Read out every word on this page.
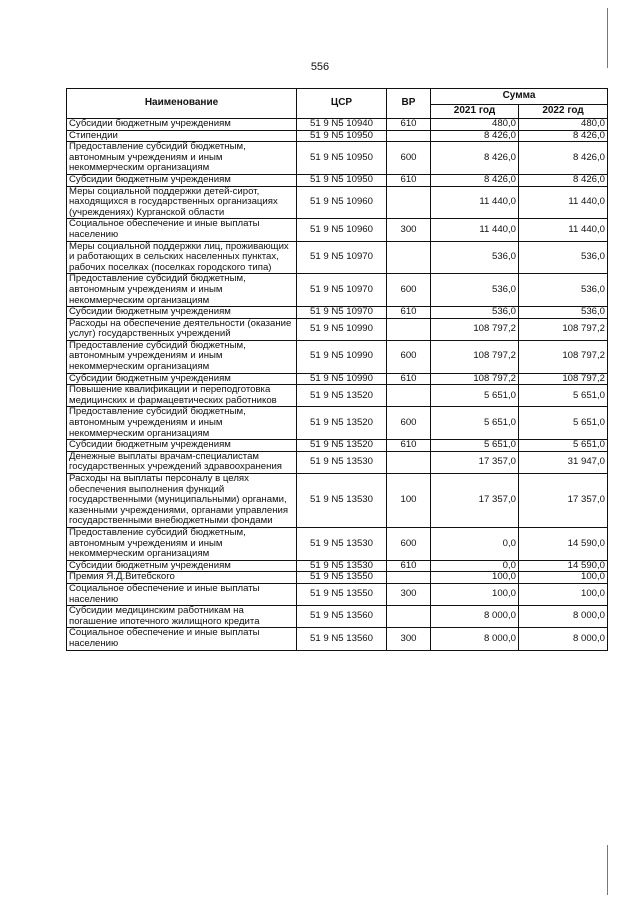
556
Наименование	ЦСР	ВР	Сумма	
			2021 год	2022 год
Субсидии бюджетным учреждениям	51 9 N5 10940	610	480,0	480,0
Стипендии	51 9 N5 10950		8 426,0	8 426,0
Предоставление субсидий бюджетным, автономным учреждениям и иным некоммерческим организациям	51 9 N5 10950	600	8 426,0	8 426,0
Субсидии бюджетным учреждениям	51 9 N5 10950	610	8 426,0	8 426,0
Меры социальной поддержки детей-сирот, находящихся в государственных организациях (учреждениях) Курганской области	51 9 N5 10960		11 440,0	11 440,0
Социальное обеспечение и иные выплаты населению	51 9 N5 10960	300	11 440,0	11 440,0
Меры социальной поддержки лиц, проживающих и работающих в сельских населенных пунктах, рабочих поселках (поселках городского типа)	51 9 N5 10970		536,0	536,0
Предоставление субсидий бюджетным, автономным учреждениям и иным некоммерческим организациям	51 9 N5 10970	600	536,0	536,0
Субсидии бюджетным учреждениям	51 9 N5 10970	610	536,0	536,0
Расходы на обеспечение деятельности (оказание услуг) государственных учреждений	51 9 N5 10990		108 797,2	108 797,2
Предоставление субсидий бюджетным, автономным учреждениям и иным некоммерческим организациям	51 9 N5 10990	600	108 797,2	108 797,2
Субсидии бюджетным учреждениям	51 9 N5 10990	610	108 797,2	108 797,2
Повышение квалификации и переподготовка медицинских и фармацевтических работников	51 9 N5 13520		5 651,0	5 651,0
Предоставление субсидий бюджетным, автономным учреждениям и иным некоммерческим организациям	51 9 N5 13520	600	5 651,0	5 651,0
Субсидии бюджетным учреждениям	51 9 N5 13520	610	5 651,0	5 651,0
Денежные выплаты врачам-специалистам государственных учреждений здравоохранения	51 9 N5 13530		17 357,0	31 947,0
Расходы на выплаты персоналу в целях обеспечения выполнения функций государственными (муниципальными) органами, казенными учреждениями, органами управления государственными внебюджетными фондами	51 9 N5 13530	100	17 357,0	17 357,0
Предоставление субсидий бюджетным, автономным учреждениям и иным некоммерческим организациям	51 9 N5 13530	600	0,0	14 590,0
Субсидии бюджетным учреждениям	51 9 N5 13530	610	0,0	14 590,0
Премия Я.Д.Витебского	51 9 N5 13550		100,0	100,0
Социальное обеспечение и иные выплаты населению	51 9 N5 13550	300	100,0	100,0
Субсидии медицинским работникам на погашение ипотечного жилищного кредита	51 9 N5 13560		8 000,0	8 000,0
Социальное обеспечение и иные выплаты населению	51 9 N5 13560	300	8 000,0	8 000,0
